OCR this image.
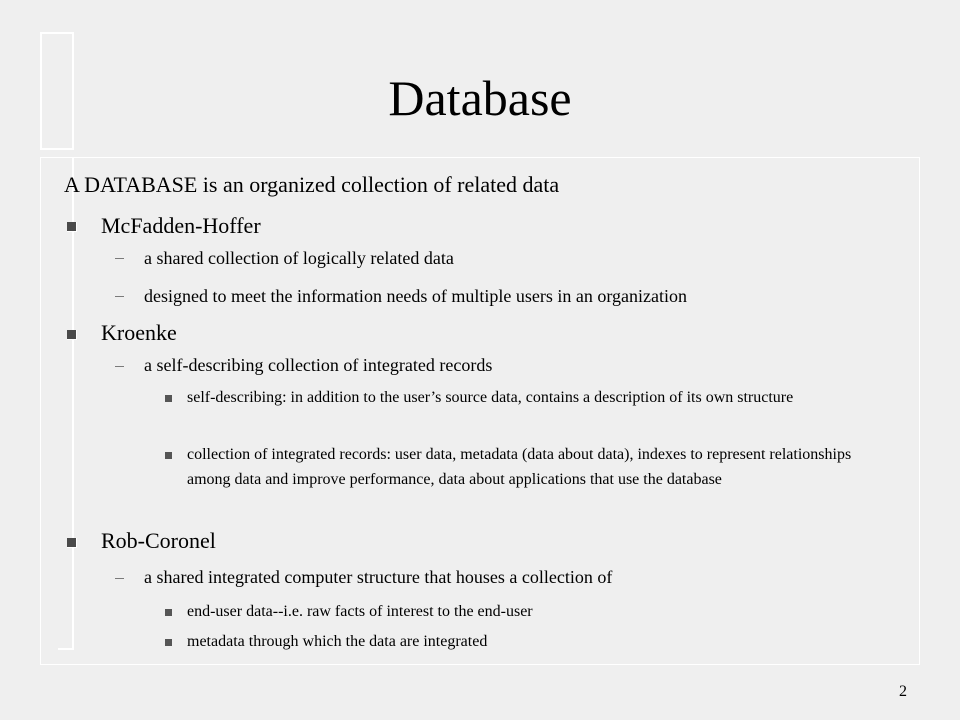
Database
A DATABASE is an organized collection of related data
McFadden-Hoffer
a shared collection of logically related data
designed to meet the information needs of multiple users in an organization
Kroenke
a self-describing collection of integrated records
self-describing: in addition to the user’s source data, contains a description of its own structure
collection of integrated records: user data, metadata (data about data), indexes to represent relationships among data and improve performance, data about applications that use the database
Rob-Coronel
a shared integrated computer structure that houses a collection of
end-user data--i.e. raw facts of interest to the end-user
metadata through which the data are integrated
2
